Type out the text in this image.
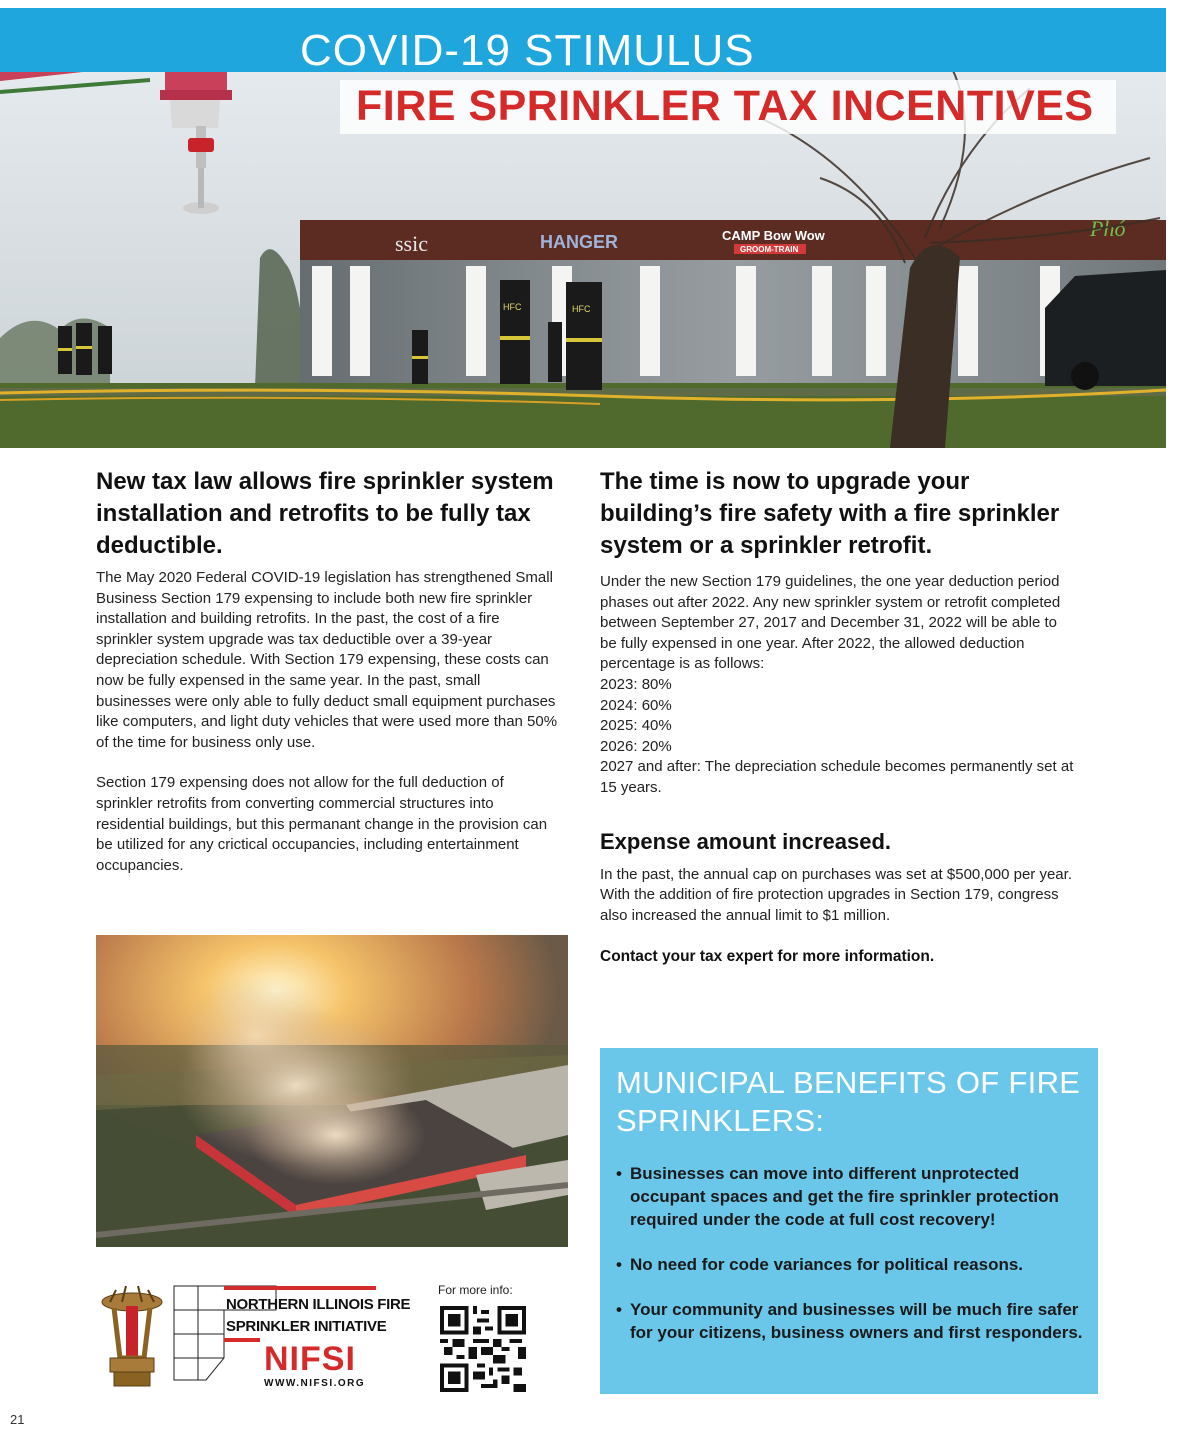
ssic	HANGER	CAMP Bow Wow
GROOM-TRAIN
Phó
HFC	HFC
COVID-19 STIMULUS
FIRE SPRINKLER TAX INCENTIVES
New tax law allows fire sprinkler system installation and retrofits to be fully tax deductible.

The May 2020 Federal COVID-19 legislation has strengthened Small Business Section 179 expensing to include both new fire sprinkler installation and building retrofits. In the past, the cost of a fire sprinkler system upgrade was tax deductible over a 39-year depreciation schedule. With Section 179 expensing, these costs can now be fully expensed in the same year. In the past, small businesses were only able to fully deduct small equipment purchases like computers, and light duty vehicles that were used more than 50% of the time for business only use.

Section 179 expensing does not allow for the full deduction of sprinkler retrofits from converting commercial structures into residential buildings, but this permanant change in the provision can be utilized for any crictical occupancies, including entertainment occupancies.

The time is now to upgrade your building’s fire safety with a fire sprinkler system or a sprinkler retrofit.

Under the new Section 179 guidelines, the one year deduction period phases out after 2022. Any new sprinkler system or retrofit completed between September 27, 2017 and December 31, 2022 will be able to be fully expensed in one year. After 2022, the allowed deduction percentage is as follows:

2023: 80%
2024: 60%
2025: 40%
2026: 20%
2027 and after: The depreciation schedule becomes permanently set at 15 years.
Expense amount increased.

In the past, the annual cap on purchases was set at $500,000 per year. With the addition of fire protection upgrades in Section 179, congress also increased the annual limit to $1 million.

Contact your tax expert for more information.

NORTHERN ILLINOIS FIRE
SPRINKLER INITIATIVE
NIFSI
WWW.NIFSI.ORG
For more info:
MUNICIPAL BENEFITS OF FIRE SPRINKLERS:
• Businesses can move into different unprotected occupant spaces and get the fire sprinkler protection required under the code at full cost recovery!
• No need for code variances for political reasons.
• Your community and businesses will be much fire safer for your citizens, business owners and first responders.
21
